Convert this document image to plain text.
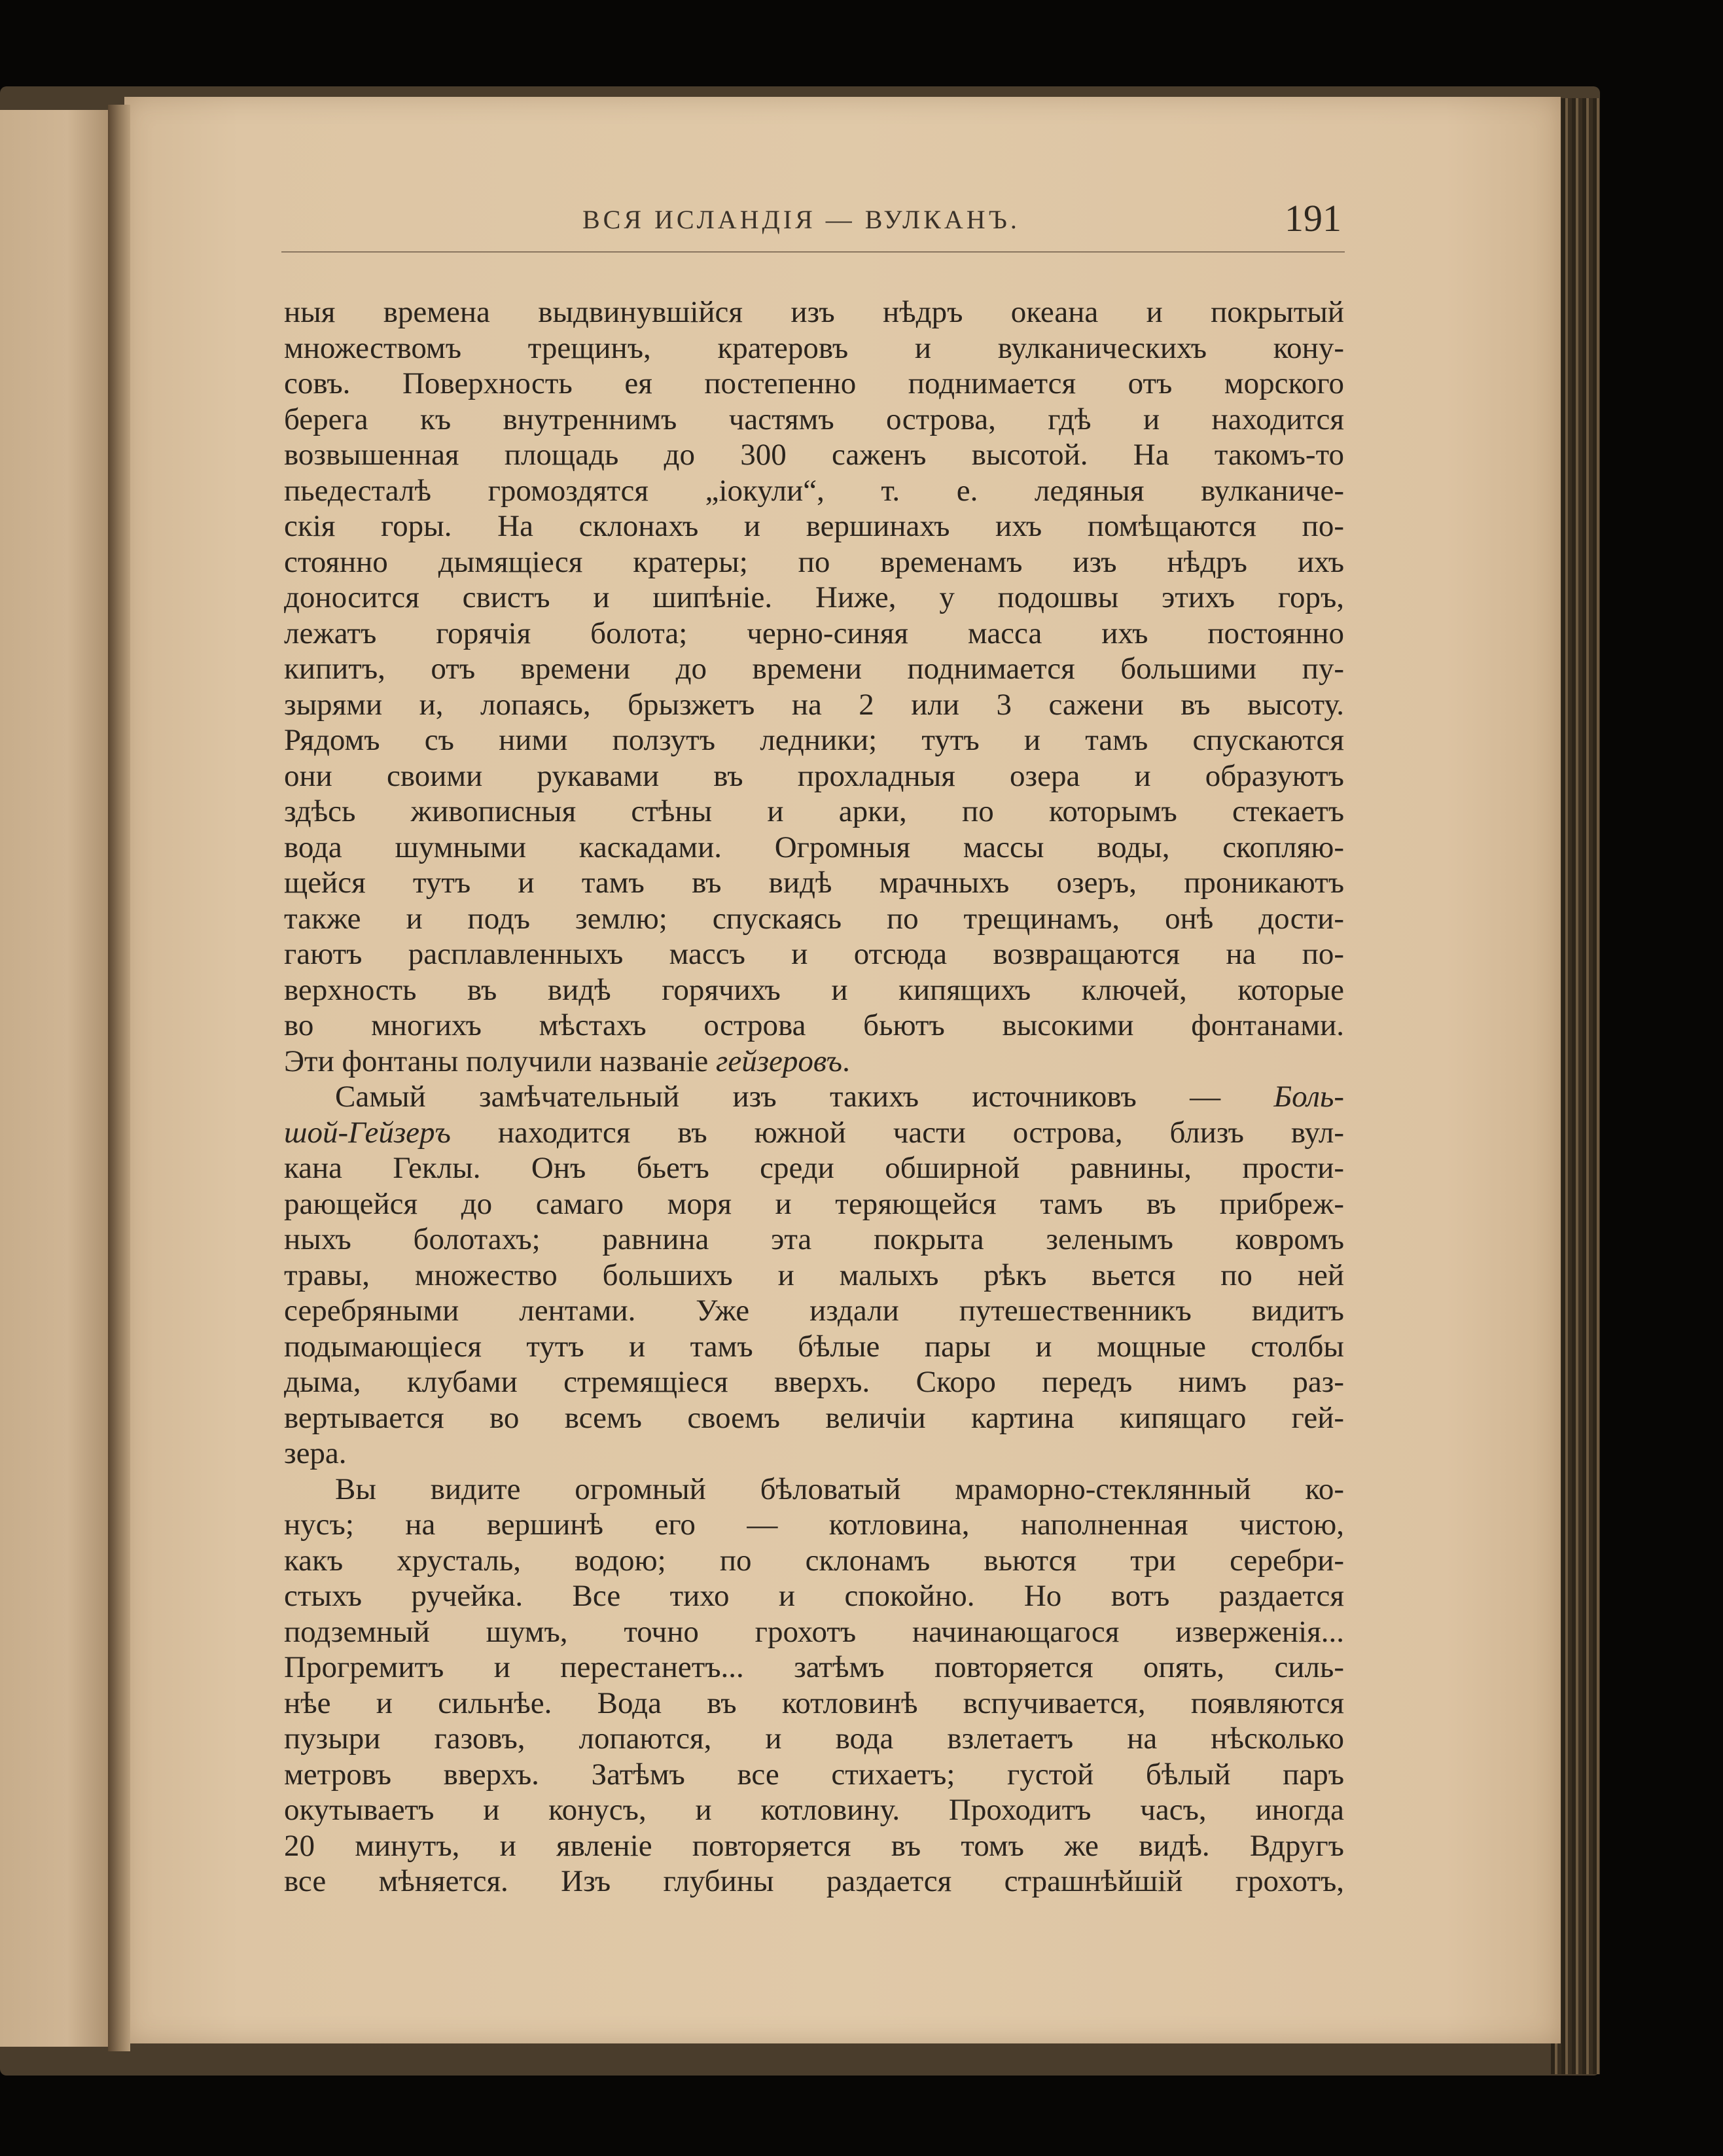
ВСЯ ИСЛАНДІЯ — ВУЛКАНЪ.	191
ныя времена выдвинувшійся изъ нѣдръ океана и покрытый
множествомъ трещинъ, кратеровъ и вулканическихъ кону-
совъ. Поверхность ея постепенно поднимается отъ морского
берега къ внутреннимъ частямъ острова, гдѣ и находится
возвышенная площадь до 300 саженъ высотой. На такомъ-то
пьедесталѣ громоздятся „іокули“, т. е. ледяныя вулканиче-
скія горы. На склонахъ и вершинахъ ихъ помѣщаются по-
стоянно дымящіеся кратеры; по временамъ изъ нѣдръ ихъ
доносится свистъ и шипѣніе. Ниже, у подошвы этихъ горъ,
лежатъ горячія болота; черно-синяя масса ихъ постоянно
кипитъ, отъ времени до времени поднимается большими пу-
зырями и, лопаясь, брызжетъ на 2 или 3 сажени въ высоту.
Рядомъ съ ними ползутъ ледники; тутъ и тамъ спускаются
они своими рукавами въ прохладныя озера и образуютъ
здѣсь живописныя стѣны и арки, по которымъ стекаетъ
вода шумными каскадами. Огромныя массы воды, скопляю-
щейся тутъ и тамъ въ видѣ мрачныхъ озеръ, проникаютъ
также и подъ землю; спускаясь по трещинамъ, онѣ дости-
гаютъ расплавленныхъ массъ и отсюда возвращаются на по-
верхность въ видѣ горячихъ и кипящихъ ключей, которые
во многихъ мѣстахъ острова бьютъ высокими фонтанами.
Эти фонтаны получили названіе гейзеровъ.
Самый замѣчательный изъ такихъ источниковъ — Боль-
шой-Гейзеръ находится въ южной части острова, близъ вул-
кана Геклы. Онъ бьетъ среди обширной равнины, прости-
рающейся до самаго моря и теряющейся тамъ въ прибреж-
ныхъ болотахъ; равнина эта покрыта зеленымъ ковромъ
травы, множество большихъ и малыхъ рѣкъ вьется по ней
серебряными лентами. Уже издали путешественникъ видитъ
подымающіеся тутъ и тамъ бѣлые пары и мощные столбы
дыма, клубами стремящіеся вверхъ. Скоро передъ нимъ раз-
вертывается во всемъ своемъ величіи картина кипящаго гей-
зера.
Вы видите огромный бѣловатый мраморно-стеклянный ко-
нусъ; на вершинѣ его — котловина, наполненная чистою,
какъ хрусталь, водою; по склонамъ вьются три серебри-
стыхъ ручейка. Все тихо и спокойно. Но вотъ раздается
подземный шумъ, точно грохотъ начинающагося изверженія...
Прогремитъ и перестанетъ... затѣмъ повторяется опять, силь-
нѣе и сильнѣе. Вода въ котловинѣ вспучивается, появляются
пузыри газовъ, лопаются, и вода взлетаетъ на нѣсколько
метровъ вверхъ. Затѣмъ все стихаетъ; густой бѣлый паръ
окутываетъ и конусъ, и котловину. Проходитъ часъ, иногда
20 минутъ, и явленіе повторяется въ томъ же видѣ. Вдругъ
все мѣняется. Изъ глубины раздается страшнѣйшій грохотъ,
